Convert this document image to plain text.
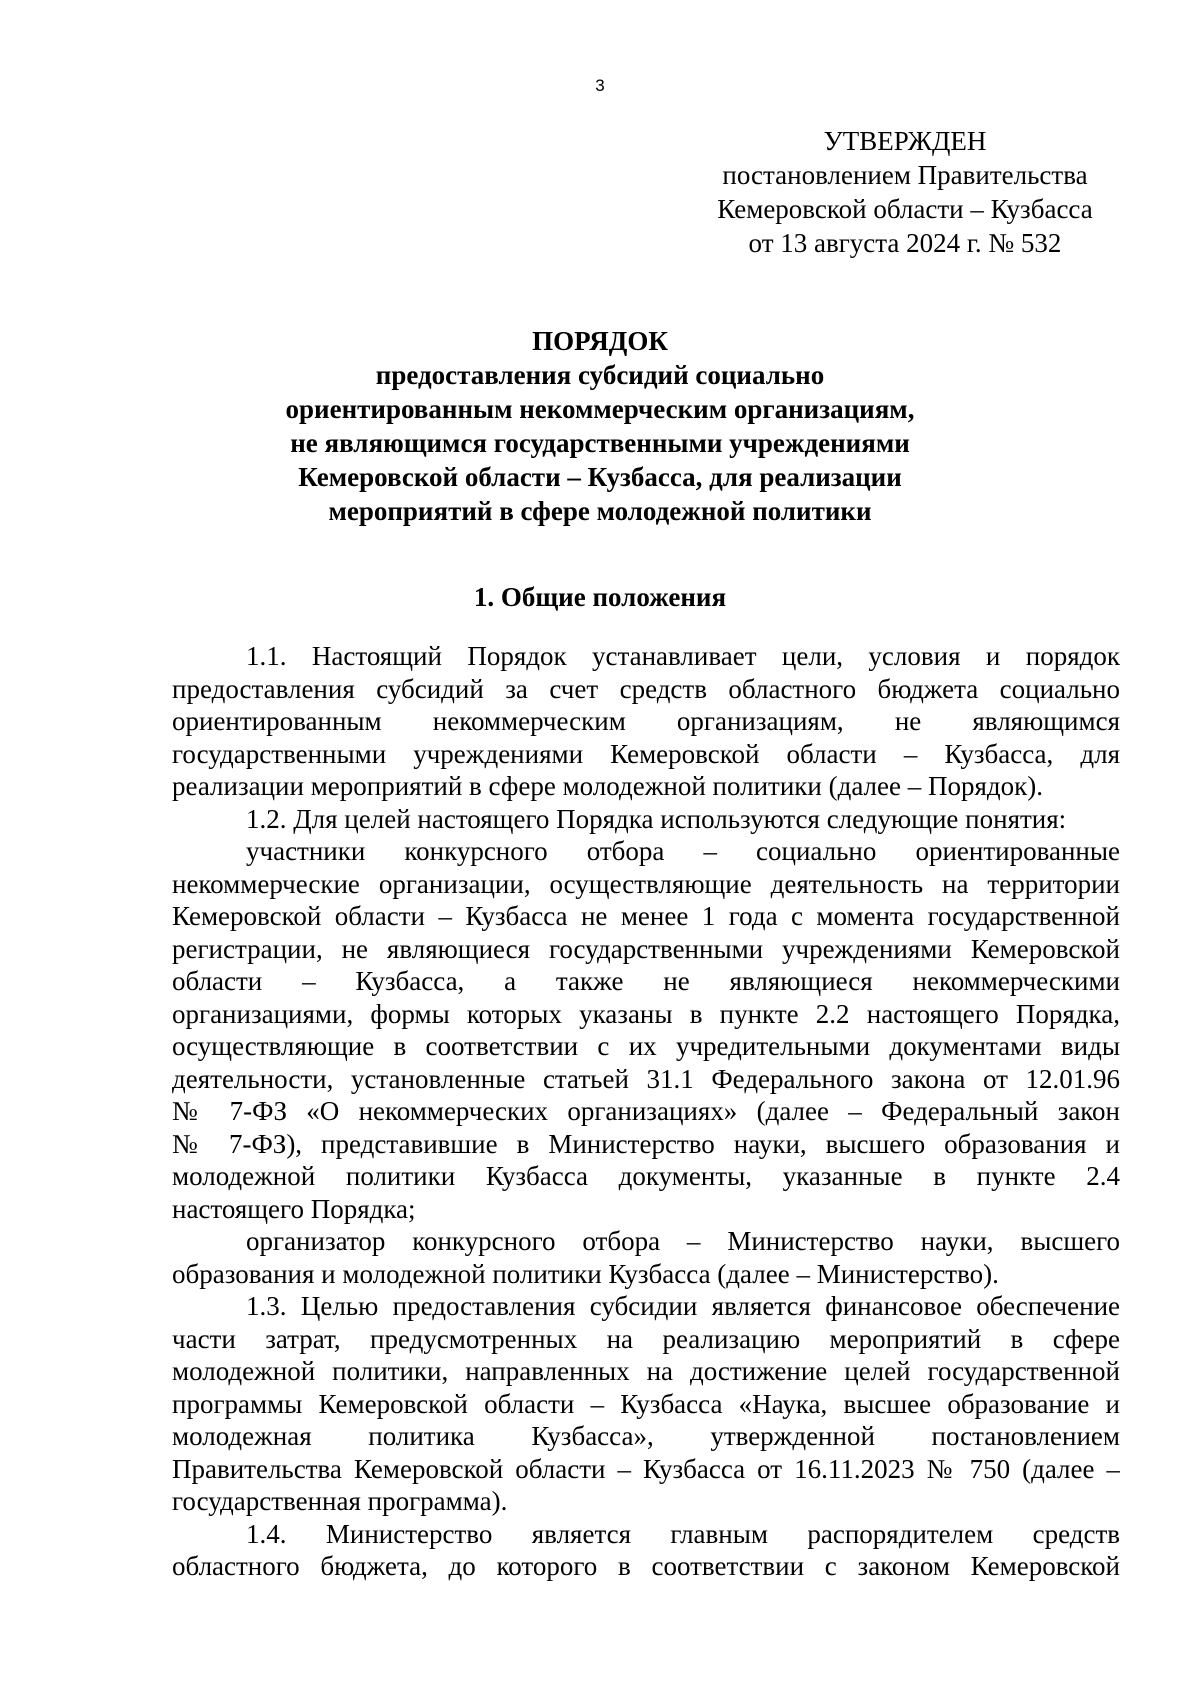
3
УТВЕРЖДЕН
постановлением Правительства
Кемеровской области – Кузбасса
от 13 августа 2024 г. № 532
ПОРЯДОК
предоставления субсидий социально
ориентированным некоммерческим организациям,
не являющимся государственными учреждениями
Кемеровской области – Кузбасса, для реализации
мероприятий в сфере молодежной политики
1. Общие положения
1.1. Настоящий Порядок устанавливает цели, условия и порядок
предоставления субсидий за счет средств областного бюджета социально
ориентированным некоммерческим организациям, не являющимся
государственными учреждениями Кемеровской области – Кузбасса, для
реализации мероприятий в сфере молодежной политики (далее – Порядок).
1.2. Для целей настоящего Порядка используются следующие понятия:
участники конкурсного отбора – социально ориентированные
некоммерческие организации, осуществляющие деятельность на территории
Кемеровской области – Кузбасса не менее 1 года с момента государственной
регистрации, не являющиеся государственными учреждениями Кемеровской
области – Кузбасса, а также не являющиеся некоммерческими
организациями, формы которых указаны в пункте 2.2 настоящего Порядка,
осуществляющие в соответствии с их учредительными документами виды
деятельности, установленные статьей 31.1 Федерального закона от 12.01.96
№ 7-ФЗ «О некоммерческих организациях» (далее – Федеральный закон
№ 7-ФЗ), представившие в Министерство науки, высшего образования и
молодежной политики Кузбасса документы, указанные в пункте 2.4
настоящего Порядка;
организатор конкурсного отбора – Министерство науки, высшего
образования и молодежной политики Кузбасса (далее – Министерство).
1.3. Целью предоставления субсидии является финансовое обеспечение
части затрат, предусмотренных на реализацию мероприятий в сфере
молодежной политики, направленных на достижение целей государственной
программы Кемеровской области – Кузбасса «Наука, высшее образование и
молодежная политика Кузбасса», утвержденной постановлением
Правительства Кемеровской области – Кузбасса от 16.11.2023 № 750 (далее –
государственная программа).
1.4. Министерство является главным распорядителем средств
областного бюджета, до которого в соответствии с законом Кемеровской
